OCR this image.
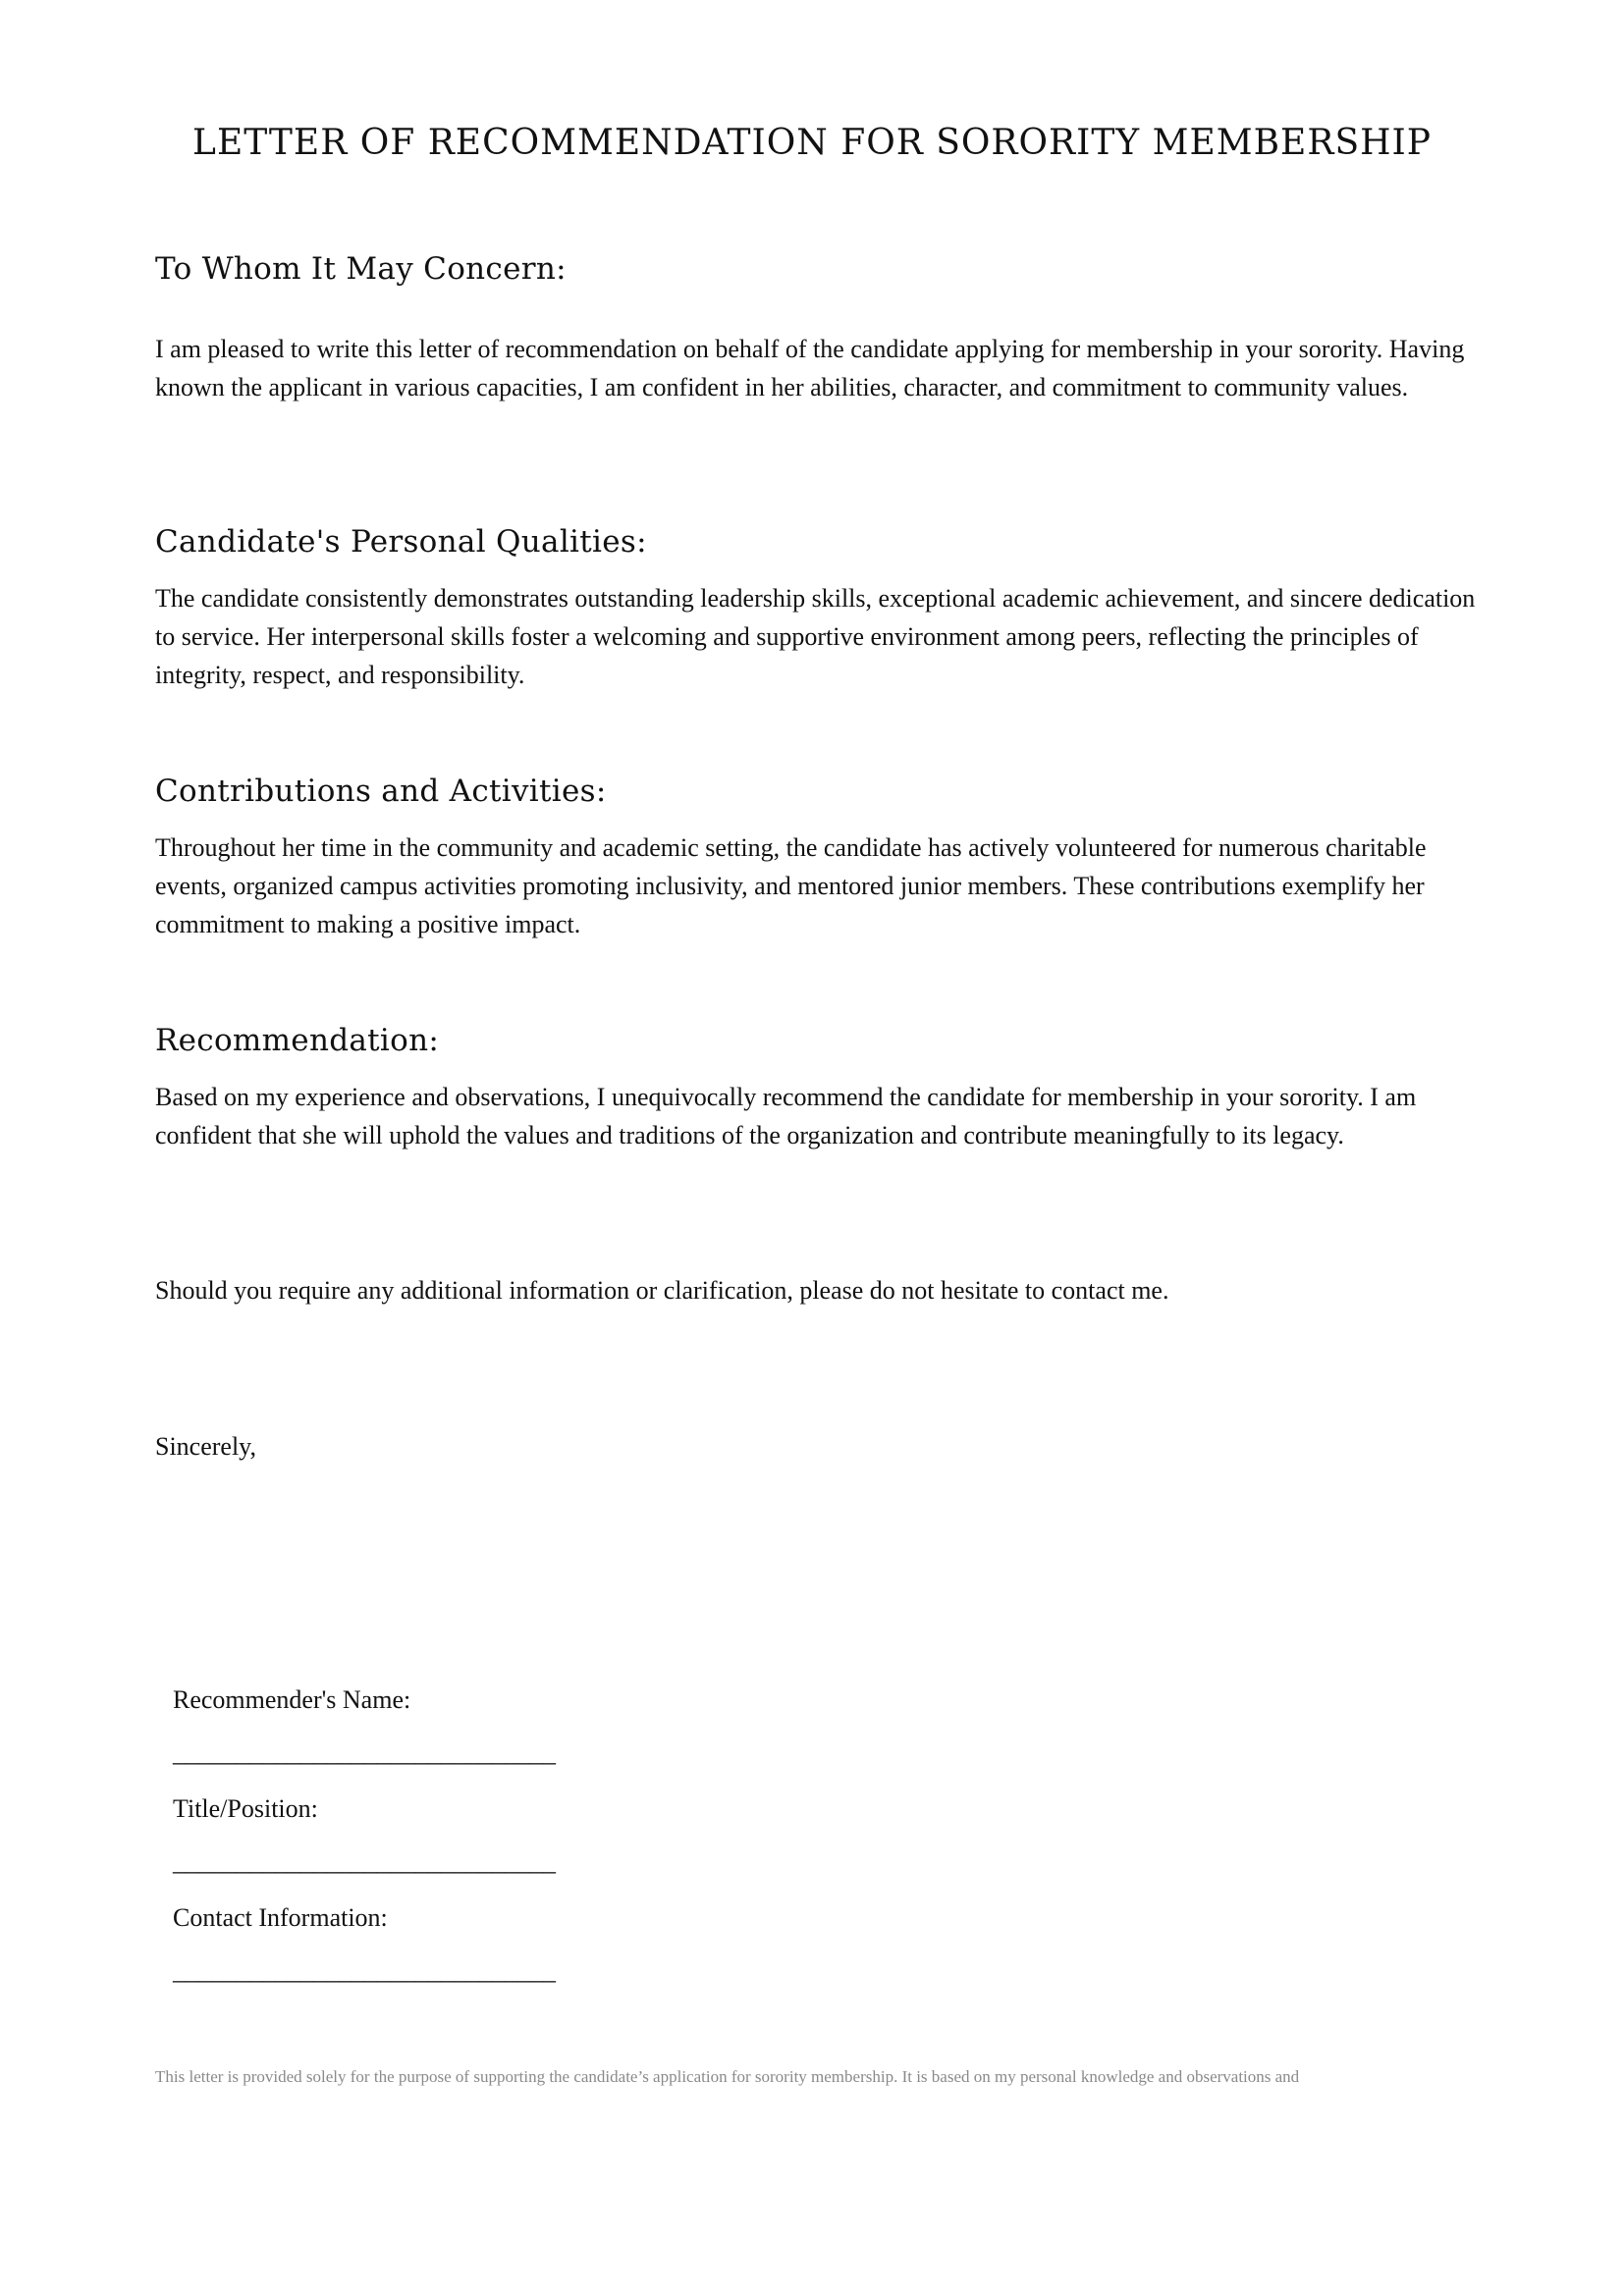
LETTER OF RECOMMENDATION FOR SORORITY MEMBERSHIP
To Whom It May Concern:

I am pleased to write this letter of recommendation on behalf of the candidate applying for membership in your sorority. Having known the applicant in various capacities, I am confident in her abilities, character, and commitment to community values.

Candidate's Personal Qualities:

The candidate consistently demonstrates outstanding leadership skills, exceptional academic achievement, and sincere dedication to service. Her interpersonal skills foster a welcoming and supportive environment among peers, reflecting the principles of integrity, respect, and responsibility.

Contributions and Activities:

Throughout her time in the community and academic setting, the candidate has actively volunteered for numerous charitable events, organized campus activities promoting inclusivity, and mentored junior members. These contributions exemplify her commitment to making a positive impact.

Recommendation:

Based on my experience and observations, I unequivocally recommend the candidate for membership in your sorority. I am confident that she will uphold the values and traditions of the organization and contribute meaningfully to its legacy.

Should you require any additional information or clarification, please do not hesitate to contact me.

Sincerely,

Recommender's Name:

______________________________

Title/Position:

______________________________

Contact Information:

______________________________

This letter is provided solely for the purpose of supporting the candidate’s application for sorority membership. It is based on my personal knowledge and observations and
